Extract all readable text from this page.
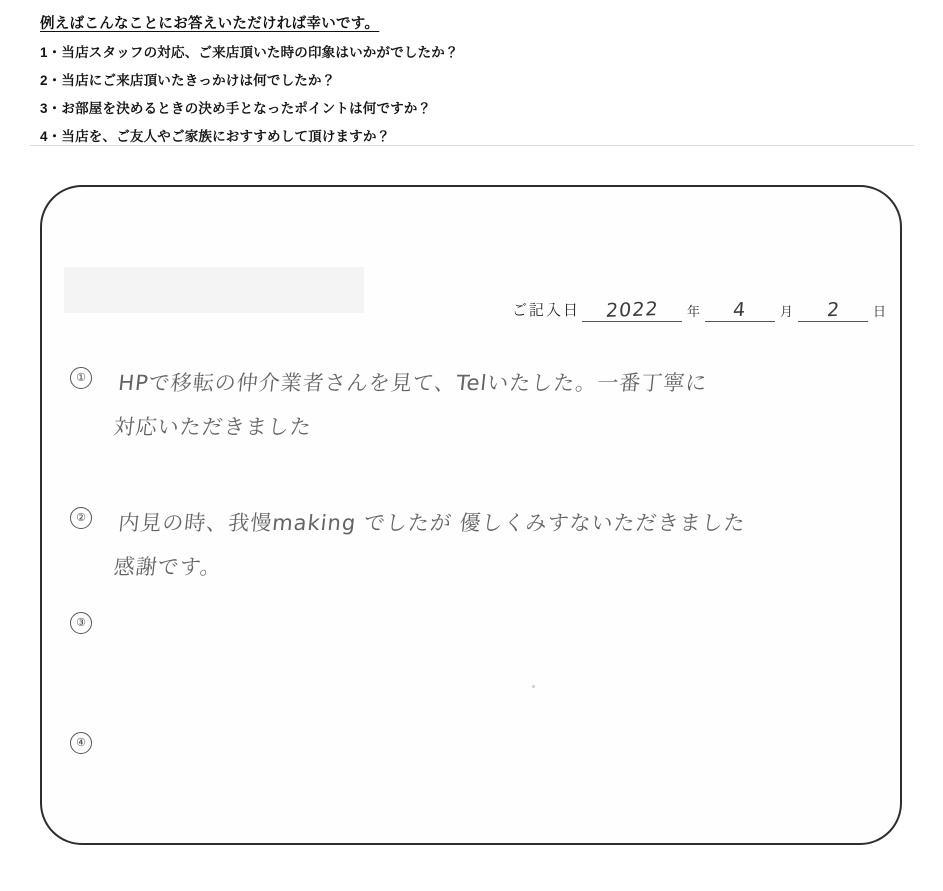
例えばこんなことにお答えいただければ幸いです。
1・当店スタッフの対応、ご来店頂いた時の印象はいかがでしたか？
2・当店にご来店頂いたきっかけは何でしたか？
3・お部屋を決めるときの決め手となったポイントは何ですか？
4・当店を、ご友人やご家族におすすめして頂けますか？
ご記入日 2022 年 4 月 2 日
① HPで移転の仲介業者さんを見て、Telいたした。一番丁寧に
対応いただきました
② 内見の時、我慢making でしたが 優しくみすないただきました
感謝です。
③
④
